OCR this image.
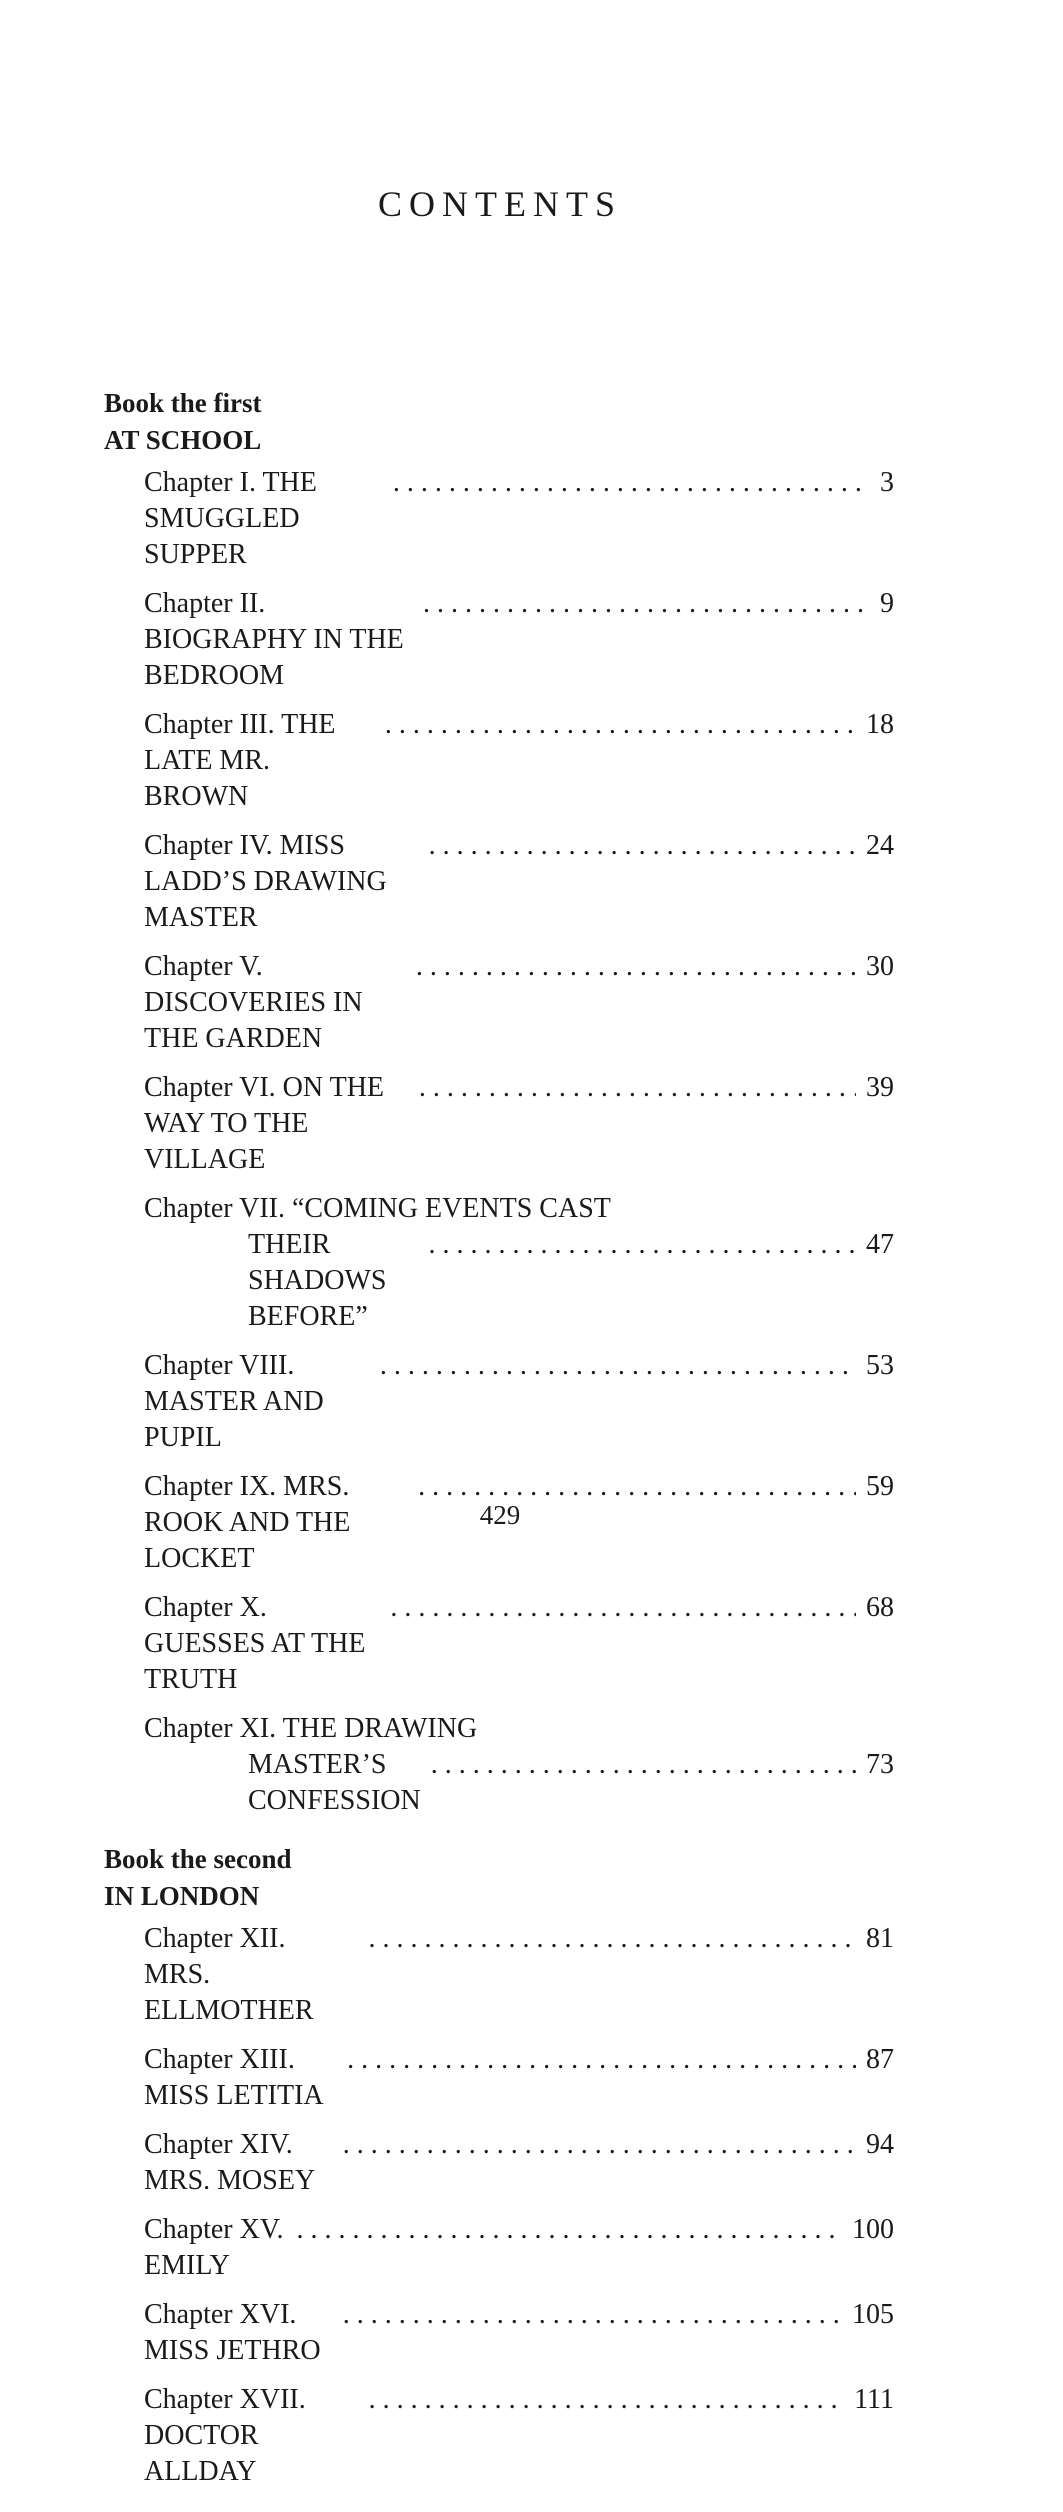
CONTENTS
Book the first
AT SCHOOL
Chapter I. THE SMUGGLED SUPPER
. . .
3
Chapter II. BIOGRAPHY IN THE BEDROOM
. . .
9
Chapter III. THE LATE MR. BROWN
. . .
18
Chapter IV. MISS LADD’S DRAWING MASTER
. . .
24
Chapter V. DISCOVERIES IN THE GARDEN
. . .
30
Chapter VI. ON THE WAY TO THE VILLAGE
. . .
39
Chapter VII. “COMING EVENTS CAST
THEIR SHADOWS BEFORE”
. . .
47
Chapter VIII. MASTER AND PUPIL
. . .
53
Chapter IX. MRS. ROOK AND THE LOCKET
. . .
59
Chapter X. GUESSES AT THE TRUTH
. . .
68
Chapter XI. THE DRAWING
MASTER’S CONFESSION
. . .
73
Book the second
IN LONDON
Chapter XII. MRS. ELLMOTHER
. . .
81
Chapter XIII. MISS LETITIA
. . .
87
Chapter XIV. MRS. MOSEY
. . .
94
Chapter XV. EMILY
. . .
100
Chapter XVI. MISS JETHRO
. . .
105
Chapter XVII. DOCTOR ALLDAY
. . .
111
429
